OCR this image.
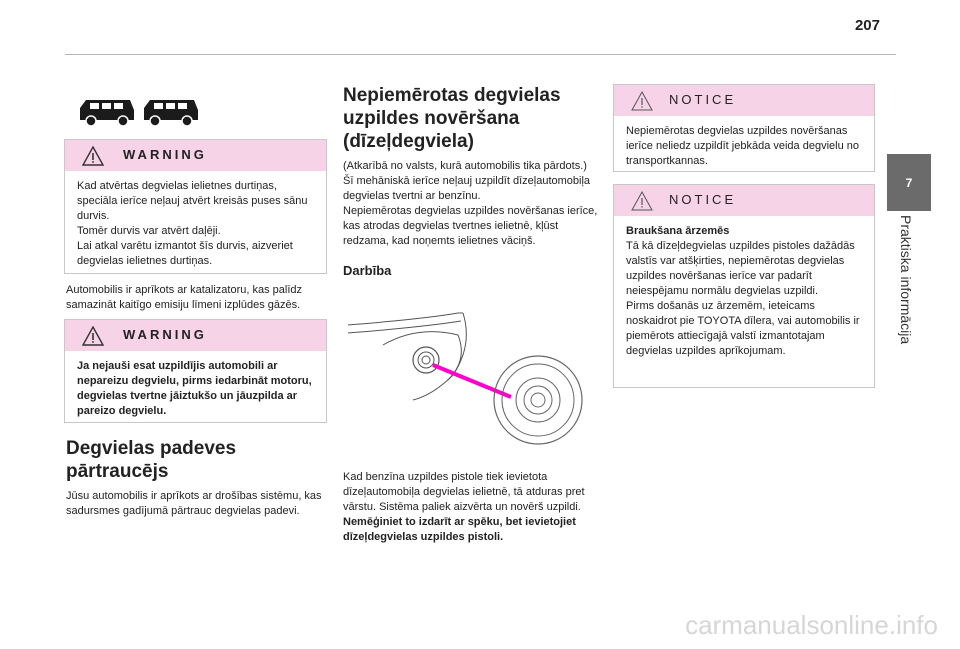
207
7
Praktiska informācija
WARNING

Kad atvērtas degvielas ielietnes durtiņas, speciāla ierīce neļauj atvērt kreisās puses sānu durvis.
Tomēr durvis var atvērt daļēji.
Lai atkal varētu izmantot šīs durvis, aizveriet degvielas ielietnes durtiņas.

Automobilis ir aprīkots ar katalizatoru, kas palīdz samazināt kaitīgo emisiju līmeni izplūdes gāzēs.

WARNING

Ja nejauši esat uzpildījis automobili ar nepareizu degvielu, pirms iedarbināt motoru, degvielas tvertne jāiztukšo un jāuzpilda ar pareizo degvielu.

Degvielas padeves
pārtraucējs

Jūsu automobilis ir aprīkots ar drošības sistēmu, kas sadursmes gadījumā pārtrauc degvielas padevi.

Nepiemērotas degvielas
uzpildes novēršana
(dīzeļdegviela)

(Atkarībā no valsts, kurā automobilis tika pārdots.)
Šī mehāniskā ierīce neļauj uzpildīt dīzeļautomobiļa degvielas tvertni ar benzīnu.
Nepiemērotas degvielas uzpildes novēršanas ierīce, kas atrodas degvielas tvertnes ielietnē, kļūst redzama, kad noņemts ielietnes vāciņš.

Darbība

Kad benzīna uzpildes pistole tiek ievietota dīzeļautomobiļa degvielas ielietnē, tā atduras pret vārstu. Sistēma paliek aizvērta un novērš uzpildi.

Nemēģiniet to izdarīt ar spēku, bet ievietojiet dīzeļdegvielas uzpildes pistoli.

NOTICE

Nepiemērotas degvielas uzpildes novēršanas ierīce neliedz uzpildīt jebkāda veida degvielu no transportkannas.

NOTICE

Braukšana ārzemēs

Tā kā dīzeļdegvielas uzpildes pistoles dažādās valstīs var atšķirties, nepiemērotas degvielas uzpildes novēršanas ierīce var padarīt neiespējamu normālu degvielas uzpildi.
Pirms došanās uz ārzemēm, ieteicams noskaidrot pie TOYOTA dīlera, vai automobilis ir piemērots attiecīgajā valstī izmantotajam degvielas uzpildes aprīkojumam.

carmanualsonline.info
